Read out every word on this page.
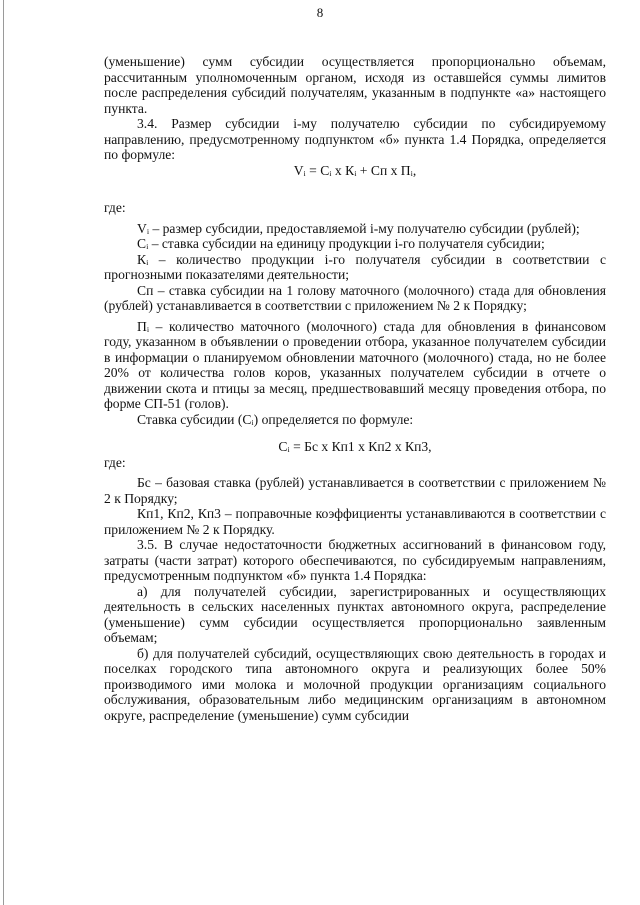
8

(уменьшение) сумм субсидии осуществляется пропорционально объемам, рассчитанным уполномоченным органом, исходя из оставшейся суммы лимитов после распределения субсидий получателям, указанным в подпункте «а» настоящего пункта.

3.4. Размер субсидии i-му получателю субсидии по субсидируемому направлению, предусмотренному подпунктом «б» пункта 1.4 Порядка, определяется по формуле:

Vᵢ = Cᵢ x Кᵢ + Cп x Пᵢ,

где:

Vᵢ – размер субсидии, предоставляемой i-му получателю субсидии (рублей);

Cᵢ – ставка субсидии на единицу продукции i-го получателя субсидии;

Кᵢ – количество продукции i-го получателя субсидии в соответствии с прогнозными показателями деятельности;

Cп – ставка субсидии на 1 голову маточного (молочного) стада для обновления (рублей) устанавливается в соответствии с приложением № 2 к Порядку;

Пᵢ – количество маточного (молочного) стада для обновления в финансовом году, указанном в объявлении о проведении отбора, указанное получателем субсидии в информации о планируемом обновлении маточного (молочного) стада, но не более 20% от количества голов коров, указанных получателем субсидии в отчете о движении скота и птицы за месяц, предшествовавший месяцу проведения отбора, по форме СП-51 (голов).

Ставка субсидии (Cᵢ) определяется по формуле:

Cᵢ = Бс x Кп1 x Кп2 x Кп3,

где:

Бс – базовая ставка (рублей) устанавливается в соответствии с приложением № 2 к Порядку;

Кп1, Кп2, Кп3 – поправочные коэффициенты устанавливаются в соответствии с приложением № 2 к Порядку.

3.5. В случае недостаточности бюджетных ассигнований в финансовом году, затраты (части затрат) которого обеспечиваются, по субсидируемым направлениям, предусмотренным подпунктом «б» пункта 1.4 Порядка:

а) для получателей субсидии, зарегистрированных и осуществляющих деятельность в сельских населенных пунктах автономного округа, распределение (уменьшение) сумм субсидии осуществляется пропорционально заявленным объемам;

б) для получателей субсидий, осуществляющих свою деятельность в городах и поселках городского типа автономного округа и реализующих более 50% производимого ими молока и молочной продукции организациям социального обслуживания, образовательным либо медицинским организациям в автономном округе, распределение (уменьшение) сумм субсидии
